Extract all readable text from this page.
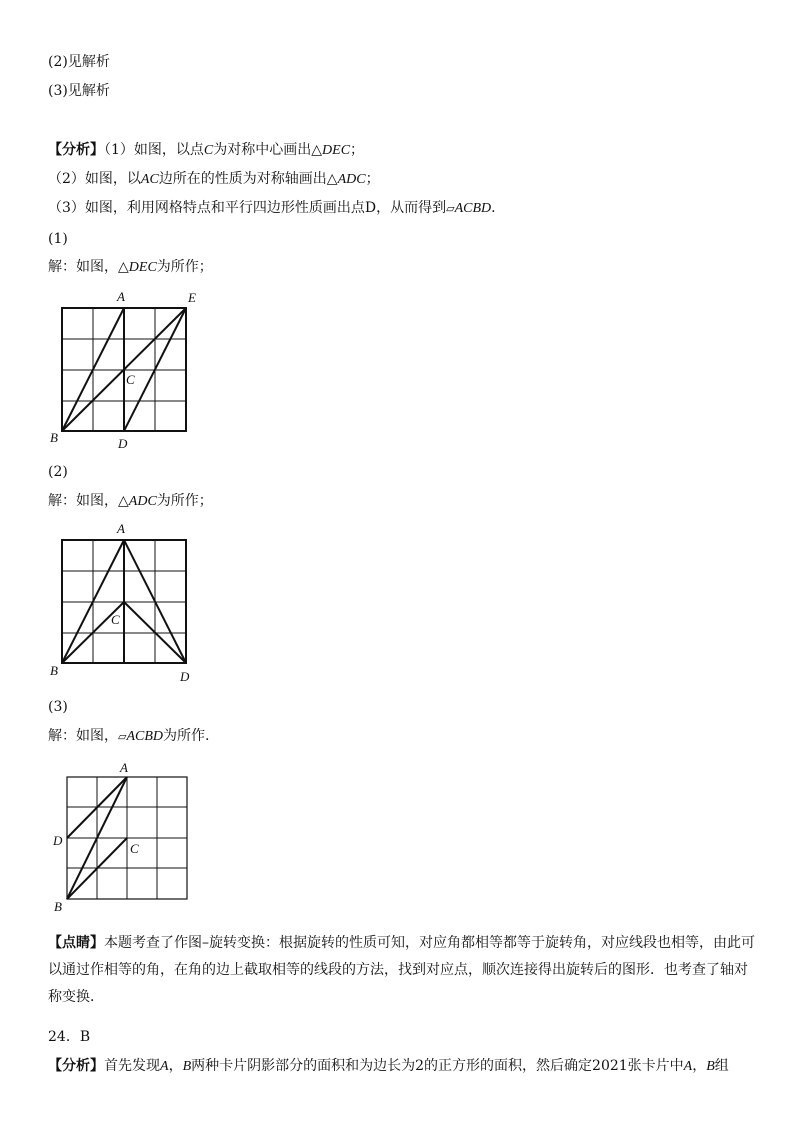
(2)见解析
(3)见解析
【分析】（1）如图，以点C为对称中心画出△DEC；
（2）如图，以AC边所在的性质为对称轴画出△ADC；
（3）如图，利用网格特点和平行四边形性质画出点D，从而得到▱ACBD.
(1)
解：如图，△DEC为所作；
A	E
C
B	D
(2)
解：如图，△ADC为所作；
A
C
B	D
(3)
解：如图，▱ACBD为所作.
A
D
C
B
【点睛】本题考查了作图–旋转变换：根据旋转的性质可知，对应角都相等都等于旋转角，对应线段也相等，由此可以通过作相等的角，在角的边上截取相等的线段的方法，找到对应点，顺次连接得出旋转后的图形．也考查了轴对称变换．
24．B
【分析】首先发现A，B两种卡片阴影部分的面积和为边长为2的正方形的面积，然后确定2021张卡片中A，B组
